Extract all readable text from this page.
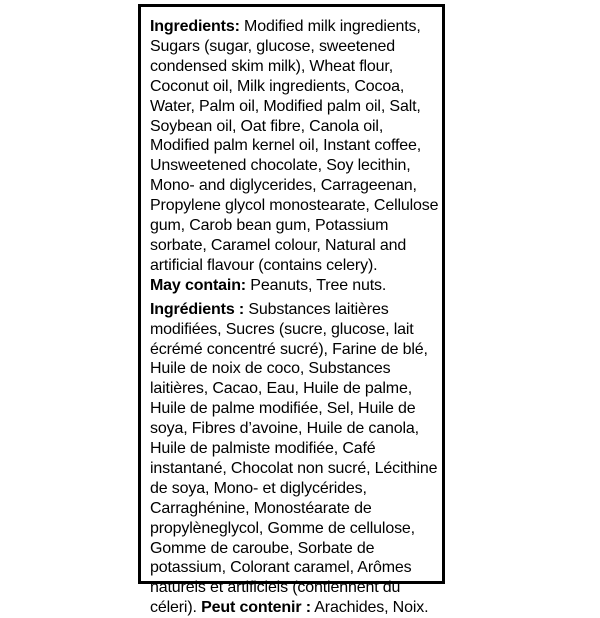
Ingredients: Modified milk ingredients,
Sugars (sugar, glucose, sweetened
condensed skim milk), Wheat flour,
Coconut oil, Milk ingredients, Cocoa,
Water, Palm oil, Modified palm oil, Salt,
Soybean oil, Oat fibre, Canola oil,
Modified palm kernel oil, Instant coffee,
Unsweetened chocolate, Soy lecithin,
Mono- and diglycerides, Carrageenan,
Propylene glycol monostearate, Cellulose
gum, Carob bean gum, Potassium
sorbate, Caramel colour, Natural and
artificial flavour (contains celery).
May contain: Peanuts, Tree nuts.
Ingrédients : Substances laitières
modifiées, Sucres (sucre, glucose, lait
écrémé concentré sucré), Farine de blé,
Huile de noix de coco, Substances
laitières, Cacao, Eau, Huile de palme,
Huile de palme modifiée, Sel, Huile de
soya, Fibres d’avoine, Huile de canola,
Huile de palmiste modifiée, Café
instantané, Chocolat non sucré, Lécithine
de soya, Mono- et diglycérides,
Carraghénine, Monostéarate de
propylèneglycol, Gomme de cellulose,
Gomme de caroube, Sorbate de
potassium, Colorant caramel, Arômes
naturels et artificiels (contiennent du
céleri). Peut contenir : Arachides, Noix.
